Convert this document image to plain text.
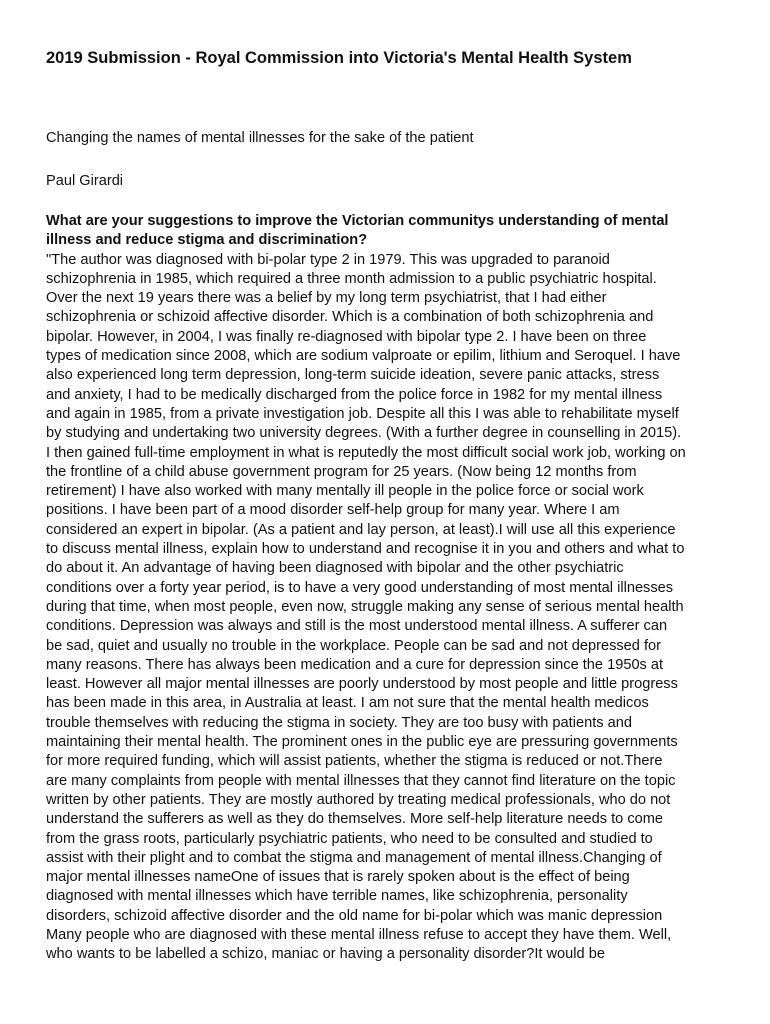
2019 Submission - Royal Commission into Victoria's Mental Health System

Changing the names of mental illnesses for the sake of the patient

Paul Girardi

What are your suggestions to improve the Victorian communitys understanding of mental
illness and reduce stigma and discrimination?
"The author was diagnosed with bi-polar type 2 in 1979. This was upgraded to paranoid
schizophrenia in 1985, which required a three month admission to a public psychiatric hospital.
Over the next 19 years there was a belief by my long term psychiatrist, that I had either
schizophrenia or schizoid affective disorder. Which is a combination of both schizophrenia and
bipolar. However, in 2004, I was finally re-diagnosed with bipolar type 2. I have been on three
types of medication since 2008, which are sodium valproate or epilim, lithium and Seroquel. I have
also experienced long term depression, long-term suicide ideation, severe panic attacks, stress
and anxiety, I had to be medically discharged from the police force in 1982 for my mental illness
and again in 1985, from a private investigation job. Despite all this I was able to rehabilitate myself
by studying and undertaking two university degrees. (With a further degree in counselling in 2015).
I then gained full-time employment in what is reputedly the most difficult social work job, working on
the frontline of a child abuse government program for 25 years. (Now being 12 months from
retirement) I have also worked with many mentally ill people in the police force or social work
positions. I have been part of a mood disorder self-help group for many year. Where I am
considered an expert in bipolar. (As a patient and lay person, at least).I will use all this experience
to discuss mental illness, explain how to understand and recognise it in you and others and what to
do about it. An advantage of having been diagnosed with bipolar and the other psychiatric
conditions over a forty year period, is to have a very good understanding of most mental illnesses
during that time, when most people, even now, struggle making any sense of serious mental health
conditions. Depression was always and still is the most understood mental illness. A sufferer can
be sad, quiet and usually no trouble in the workplace. People can be sad and not depressed for
many reasons. There has always been medication and a cure for depression since the 1950s at
least. However all major mental illnesses are poorly understood by most people and little progress
has been made in this area, in Australia at least. I am not sure that the mental health medicos
trouble themselves with reducing the stigma in society. They are too busy with patients and
maintaining their mental health. The prominent ones in the public eye are pressuring governments
for more required funding, which will assist patients, whether the stigma is reduced or not.There
are many complaints from people with mental illnesses that they cannot find literature on the topic
written by other patients. They are mostly authored by treating medical professionals, who do not
understand the sufferers as well as they do themselves. More self-help literature needs to come
from the grass roots, particularly psychiatric patients, who need to be consulted and studied to
assist with their plight and to combat the stigma and management of mental illness.Changing of
major mental illnesses nameOne of issues that is rarely spoken about is the effect of being
diagnosed with mental illnesses which have terrible names, like schizophrenia, personality
disorders, schizoid affective disorder and the old name for bi-polar which was manic depression
Many people who are diagnosed with these mental illness refuse to accept they have them. Well,
who wants to be labelled a schizo, maniac or having a personality disorder?It would be
